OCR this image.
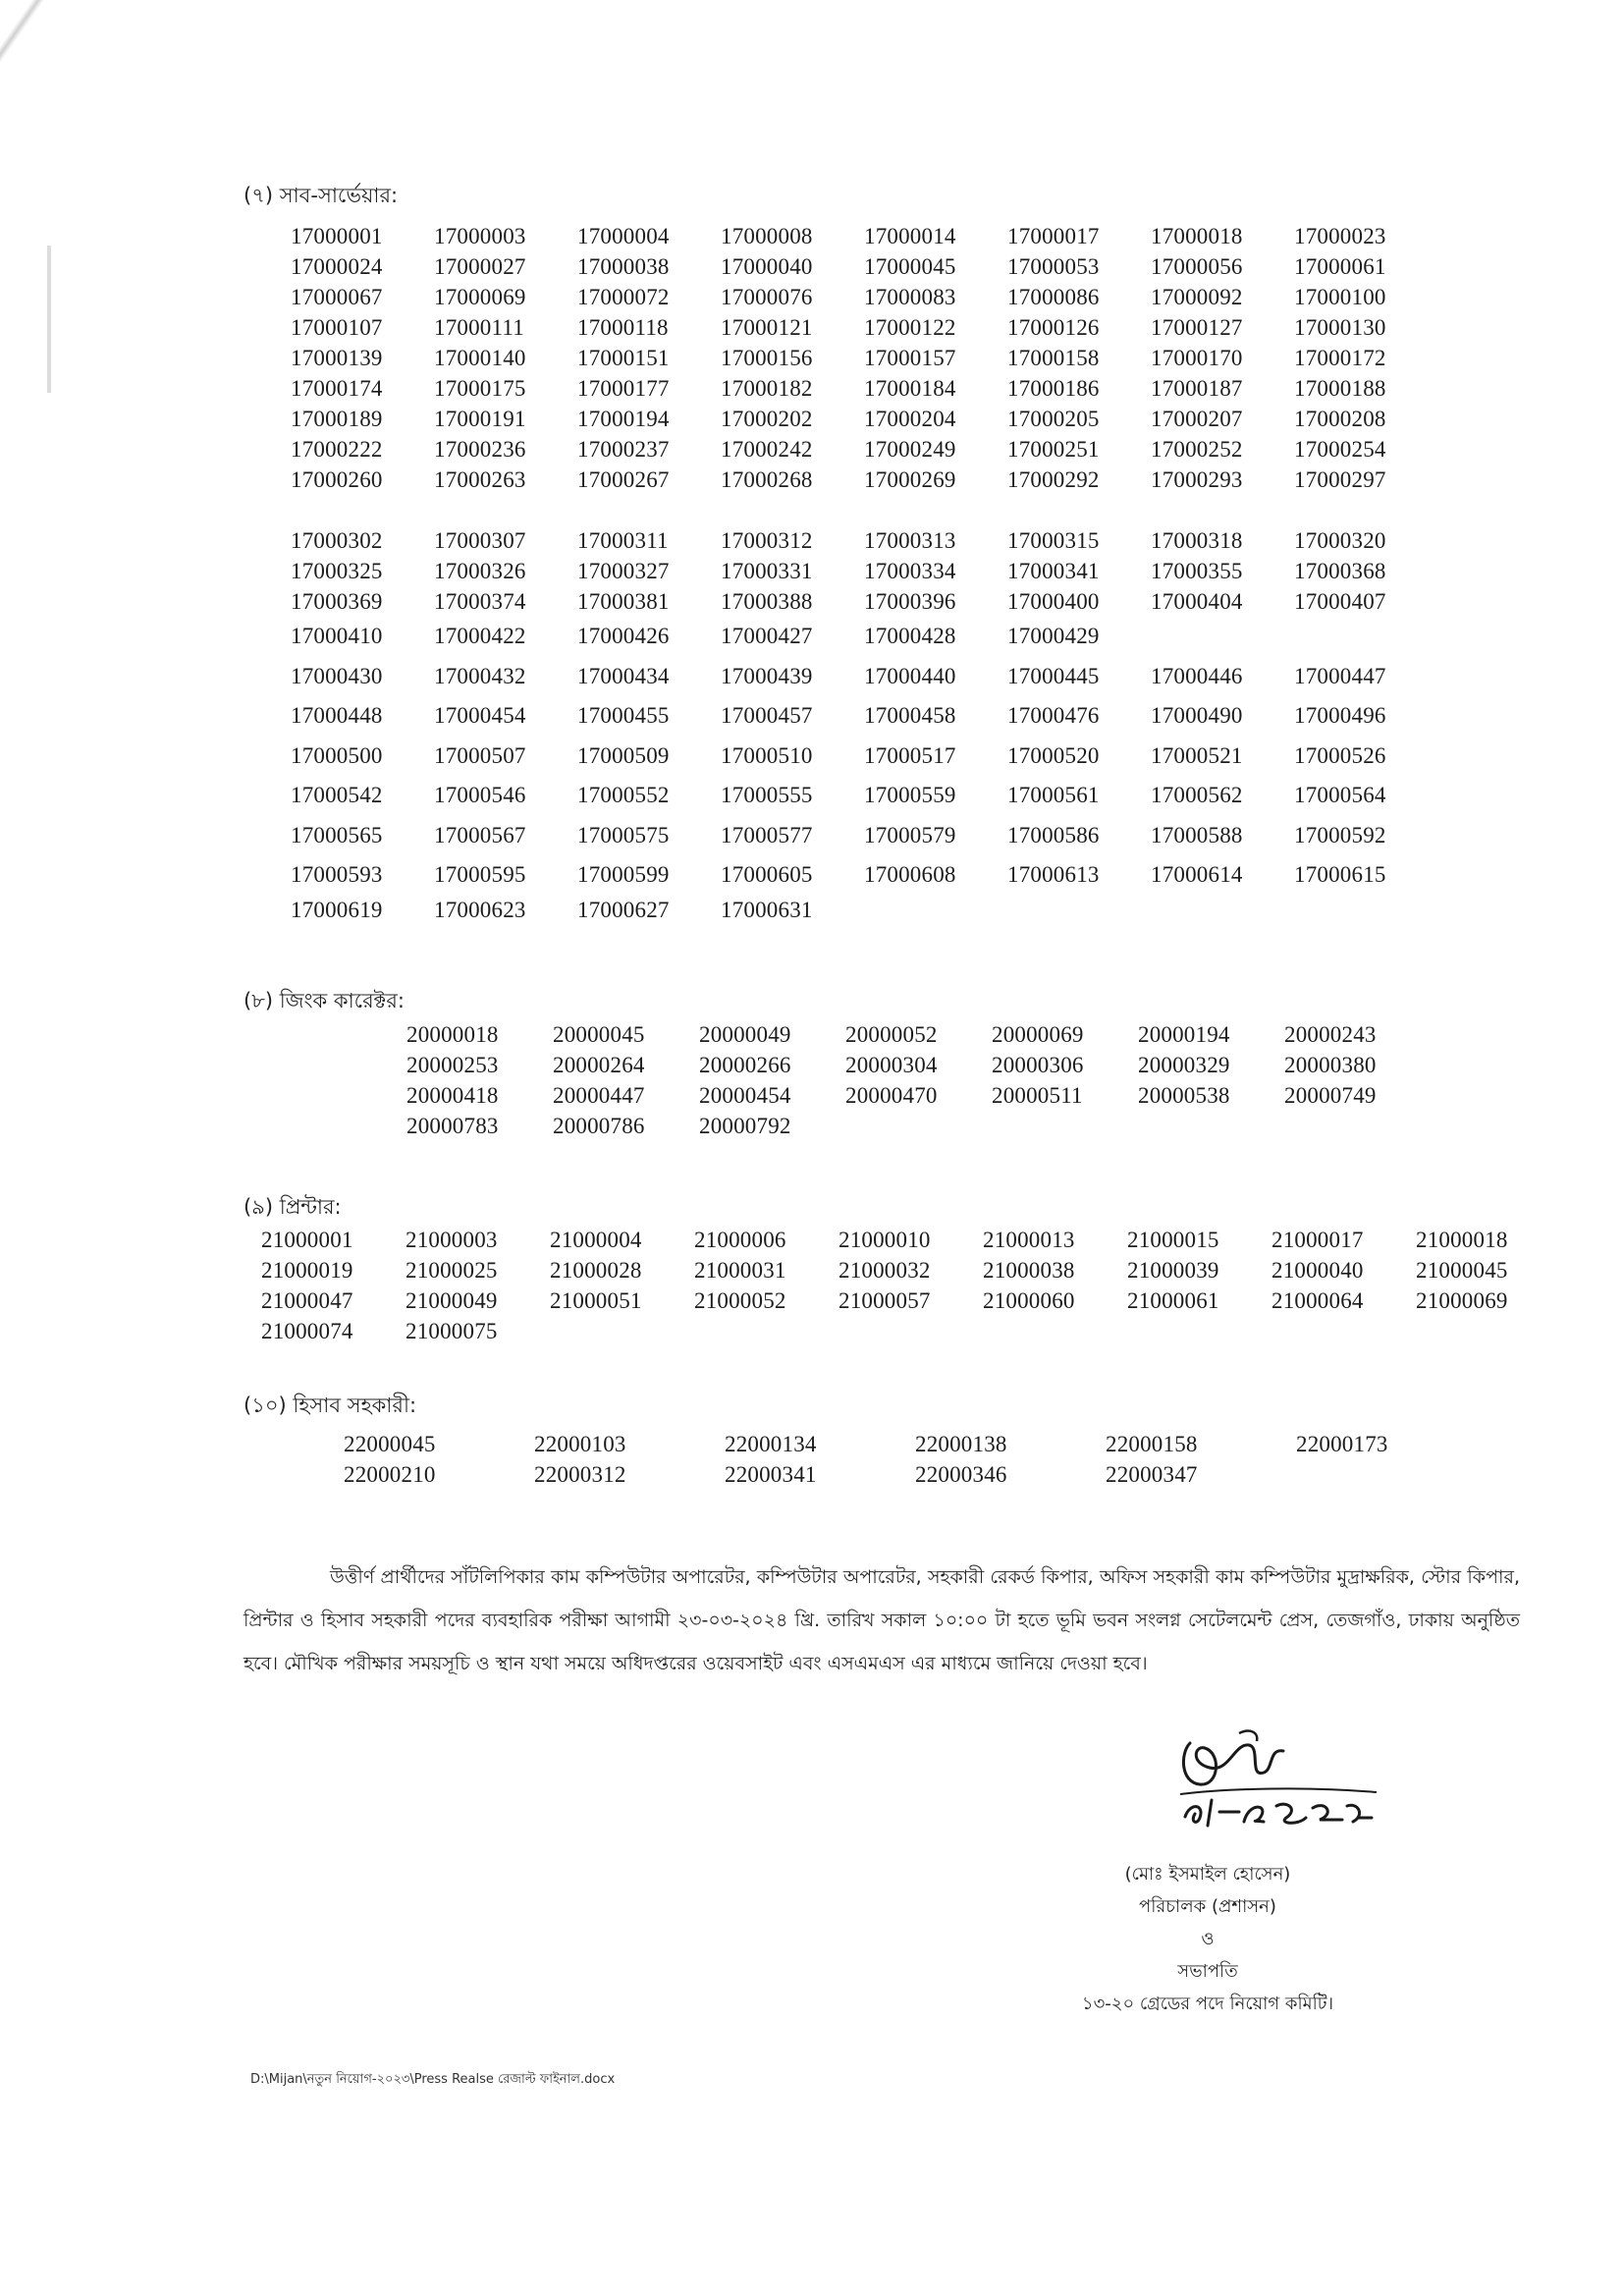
(৭) সাব-সার্ভেয়ার:
17000001	17000003	17000004	17000008	17000014	17000017	17000018	17000023
17000024	17000027	17000038	17000040	17000045	17000053	17000056	17000061
17000067	17000069	17000072	17000076	17000083	17000086	17000092	17000100
17000107	17000111	17000118	17000121	17000122	17000126	17000127	17000130
17000139	17000140	17000151	17000156	17000157	17000158	17000170	17000172
17000174	17000175	17000177	17000182	17000184	17000186	17000187	17000188
17000189	17000191	17000194	17000202	17000204	17000205	17000207	17000208
17000222	17000236	17000237	17000242	17000249	17000251	17000252	17000254
17000260	17000263	17000267	17000268	17000269	17000292	17000293	17000297
17000302	17000307	17000311	17000312	17000313	17000315	17000318	17000320
17000325	17000326	17000327	17000331	17000334	17000341	17000355	17000368
17000369	17000374	17000381	17000388	17000396	17000400	17000404	17000407
17000410	17000422	17000426	17000427	17000428	17000429
17000430	17000432	17000434	17000439	17000440	17000445	17000446	17000447
17000448	17000454	17000455	17000457	17000458	17000476	17000490	17000496
17000500	17000507	17000509	17000510	17000517	17000520	17000521	17000526
17000542	17000546	17000552	17000555	17000559	17000561	17000562	17000564
17000565	17000567	17000575	17000577	17000579	17000586	17000588	17000592
17000593	17000595	17000599	17000605	17000608	17000613	17000614	17000615
17000619	17000623	17000627	17000631
(৮) জিংক কারেক্টর:
20000018	20000045	20000049	20000052	20000069	20000194	20000243
20000253	20000264	20000266	20000304	20000306	20000329	20000380
20000418	20000447	20000454	20000470	20000511	20000538	20000749
20000783	20000786	20000792
(৯) প্রিন্টার:
21000001	21000003	21000004	21000006	21000010	21000013	21000015	21000017	21000018
21000019	21000025	21000028	21000031	21000032	21000038	21000039	21000040	21000045
21000047	21000049	21000051	21000052	21000057	21000060	21000061	21000064	21000069
21000074	21000075
(১০) হিসাব সহকারী:
22000045	22000103	22000134	22000138	22000158	22000173
22000210	22000312	22000341	22000346	22000347
উত্তীর্ণ প্রার্থীদের সাঁটলিপিকার কাম কম্পিউটার অপারেটর, কম্পিউটার অপারেটর, সহকারী রেকর্ড কিপার, অফিস সহকারী কাম কম্পিউটার মুদ্রাক্ষরিক, স্টোর কিপার, প্রিন্টার ও হিসাব সহকারী পদের ব্যবহারিক পরীক্ষা আগামী ২৩-০৩-২০২৪ খ্রি. তারিখ সকাল ১০:০০ টা হতে ভূমি ভবন সংলগ্ন সেটেলমেন্ট প্রেস, তেজগাঁও, ঢাকায় অনুষ্ঠিত হবে। মৌখিক পরীক্ষার সময়সূচি ও স্থান যথা সময়ে অধিদপ্তরের ওয়েবসাইট এবং এসএমএস এর মাধ্যমে জানিয়ে দেওয়া হবে।
(মোঃ ইসমাইল হোসেন)
পরিচালক (প্রশাসন)
ও
সভাপতি
১৩-২০ গ্রেডের পদে নিয়োগ কমিটি।
D:\Mijan\নতুন নিয়োগ-২০২৩\Press Realse রেজাল্ট ফাইনাল.docx
